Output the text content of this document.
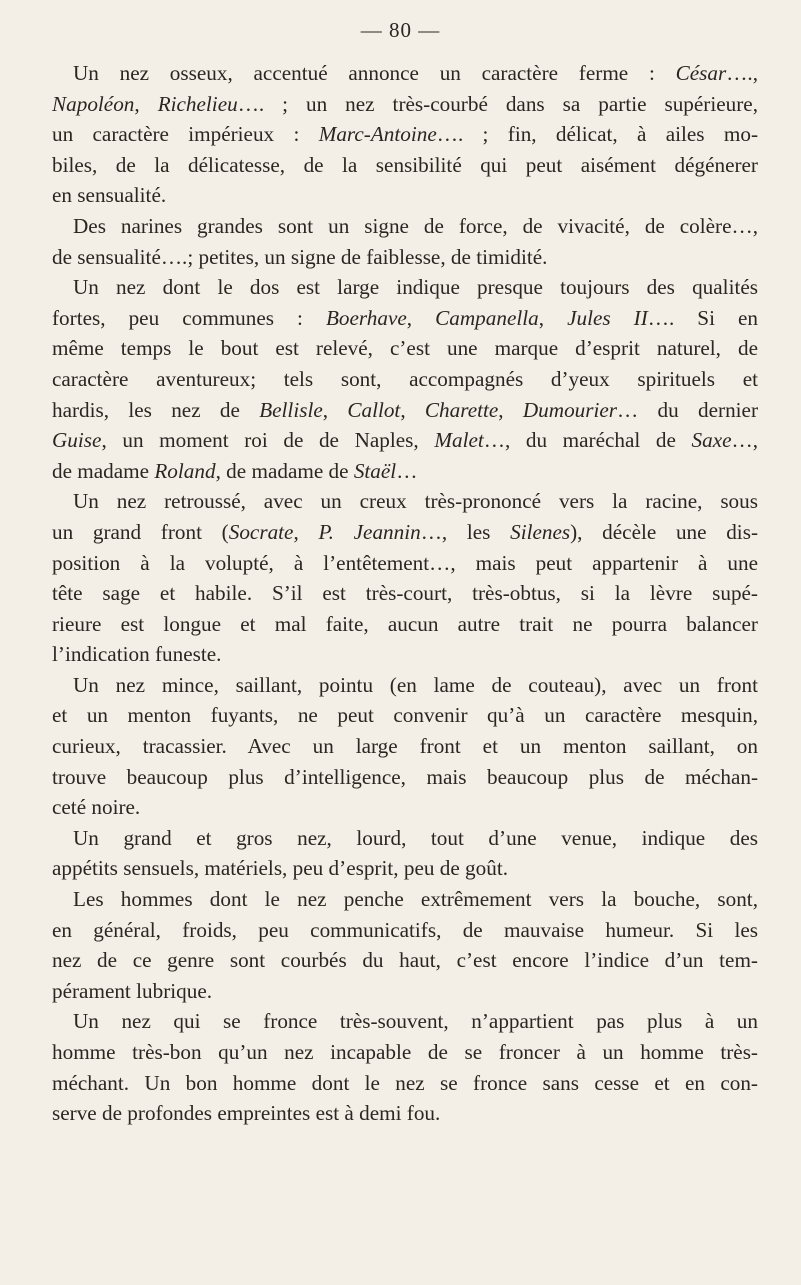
— 80 —
Un nez osseux, accentué annonce un caractère ferme : César….,
Napoléon, Richelieu…. ; un nez très-courbé dans sa partie supérieure,
un caractère impérieux : Marc-Antoine…. ; fin, délicat, à ailes mo-
biles, de la délicatesse, de la sensibilité qui peut aisément dégénerer
en sensualité.
Des narines grandes sont un signe de force, de vivacité, de colère…,
de sensualité….; petites, un signe de faiblesse, de timidité.
Un nez dont le dos est large indique presque toujours des qualités
fortes, peu communes : Boerhave, Campanella, Jules II…. Si en
même temps le bout est relevé, c’est une marque d’esprit naturel, de
caractère aventureux; tels sont, accompagnés d’yeux spirituels et
hardis, les nez de Bellisle, Callot, Charette, Dumourier… du dernier
Guise, un moment roi de de Naples, Malet…, du maréchal de Saxe…,
de madame Roland, de madame de Staël…
Un nez retroussé, avec un creux très-prononcé vers la racine, sous
un grand front (Socrate, P. Jeannin…, les Silenes), décèle une dis-
position à la volupté, à l’entêtement…, mais peut appartenir à une
tête sage et habile. S’il est très-court, très-obtus, si la lèvre supé-
rieure est longue et mal faite, aucun autre trait ne pourra balancer
l’indication funeste.
Un nez mince, saillant, pointu (en lame de couteau), avec un front
et un menton fuyants, ne peut convenir qu’à un caractère mesquin,
curieux, tracassier. Avec un large front et un menton saillant, on
trouve beaucoup plus d’intelligence, mais beaucoup plus de méchan-
ceté noire.
Un grand et gros nez, lourd, tout d’une venue, indique des
appétits sensuels, matériels, peu d’esprit, peu de goût.
Les hommes dont le nez penche extrêmement vers la bouche, sont,
en général, froids, peu communicatifs, de mauvaise humeur. Si les
nez de ce genre sont courbés du haut, c’est encore l’indice d’un tem-
pérament lubrique.
Un nez qui se fronce très-souvent, n’appartient pas plus à un
homme très-bon qu’un nez incapable de se froncer à un homme très-
méchant. Un bon homme dont le nez se fronce sans cesse et en con-
serve de profondes empreintes est à demi fou.
